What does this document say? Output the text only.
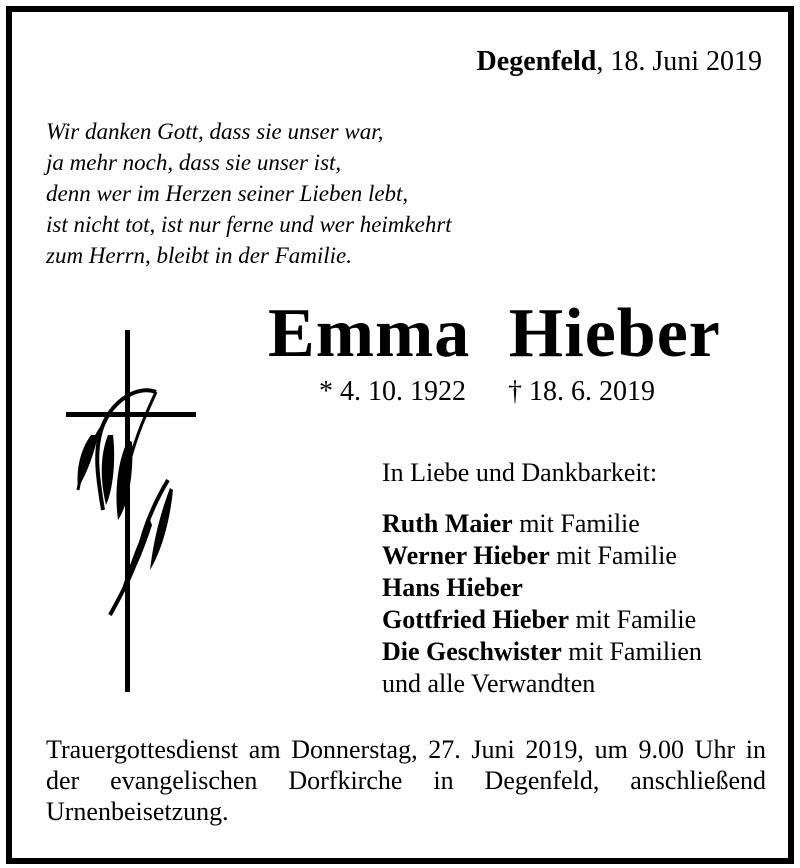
Degenfeld, 18. Juni 2019
Wir danken Gott, dass sie unser war,
ja mehr noch, dass sie unser ist,
denn wer im Herzen seiner Lieben lebt,
ist nicht tot, ist nur ferne und wer heimkehrt
zum Herrn, bleibt in der Familie.
Emma Hieber
* 4. 10. 1922 † 18. 6. 2019
In Liebe und Dankbarkeit:
Ruth Maier mit Familie
Werner Hieber mit Familie
Hans Hieber
Gottfried Hieber mit Familie
Die Geschwister mit Familien
und alle Verwandten
Trauergottesdienst am Donnerstag, 27. Juni 2019, um 9.00 Uhr in der evangelischen Dorfkirche in Degenfeld, anschließend Urnenbeisetzung.
